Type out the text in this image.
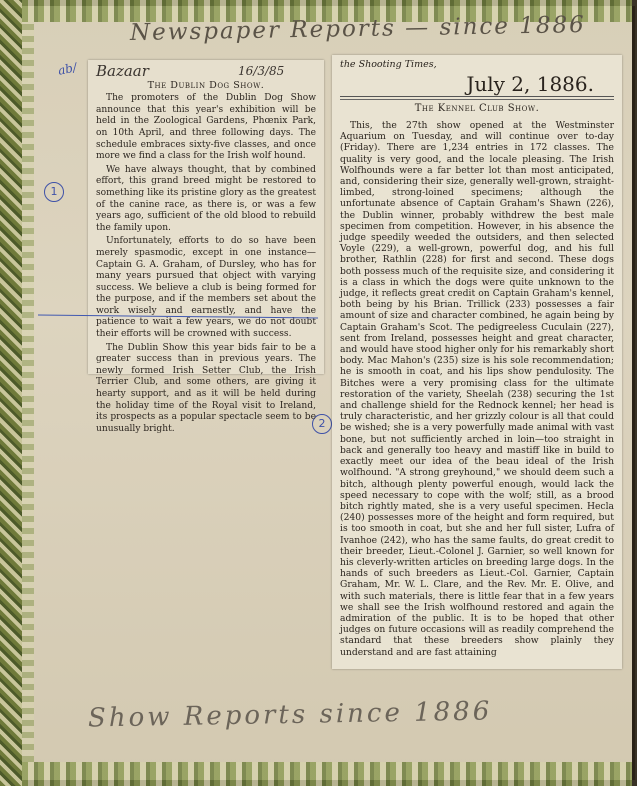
Newspaper Reports — since 1886
ab/
1
2
Bazaar	16/3/85
The Dublin Dog Show.

The promoters of the Dublin Dog Show announce that this year's exhibition will be held in the Zoological Gardens, Phœnix Park, on 10th April, and three following days. The schedule embraces sixty-five classes, and once more we find a class for the Irish wolf hound.

We have always thought, that by combined effort, this grand breed might be restored to something like its pristine glory as the greatest of the canine race, as there is, or was a few years ago, sufficient of the old blood to rebuild the family upon.

Unfortunately, efforts to do so have been merely spasmodic, except in one instance—Captain G. A. Graham, of Dursley, who has for many years pursued that object with varying success. We believe a club is being formed for the purpose, and if the members set about the work wisely and earnestly, and have the patience to wait a few years, we do not doubt their efforts will be crowned with success.

The Dublin Show this year bids fair to be a greater success than in previous years. The newly formed Irish Setter Club, the Irish Terrier Club, and some others, are giving it hearty support, and as it will be held during the holiday time of the Royal visit to Ireland, its prospects as a popular spectacle seem to be unusually bright.

the Shooting Times,
July 2, 1886.
The Kennel Club Show.

This, the 27th show opened at the Westminster Aquarium on Tuesday, and will continue over to-day (Friday). There are 1,234 entries in 172 classes. The quality is very good, and the locale pleasing. The Irish Wolfhounds were a far better lot than most anticipated, and, considering their size, generally well-grown, straight-limbed, strong-loined specimens; although the unfortunate absence of Captain Graham's Shawn (226), the Dublin winner, probably withdrew the best male specimen from competition. However, in his absence the judge speedily weeded the outsiders, and then selected Voyle (229), a well-grown, powerful dog, and his full brother, Rathlin (228) for first and second. These dogs both possess much of the requisite size, and considering it is a class in which the dogs were quite unknown to the judge, it reflects great credit on Captain Graham's kennel, both being by his Brian. Trillick (233) possesses a fair amount of size and character combined, he again being by Captain Graham's Scot. The pedigreeless Cuculain (227), sent from Ireland, possesses height and great character, and would have stood higher only for his remarkably short body. Mac Mahon's (235) size is his sole recommendation; he is smooth in coat, and his lips show pendulosity. The Bitches were a very promising class for the ultimate restoration of the variety, Sheelah (238) securing the 1st and challenge shield for the Rednock kennel; her head is truly characteristic, and her grizzly colour is all that could be wished; she is a very powerfully made animal with vast bone, but not sufficiently arched in loin—too straight in back and generally too heavy and mastiff like in build to exactly meet our idea of the beau ideal of the Irish wolfhound. "A strong greyhound," we should deem such a bitch, although plenty powerful enough, would lack the speed necessary to cope with the wolf; still, as a brood bitch rightly mated, she is a very useful specimen. Hecla (240) possesses more of the height and form required, but is too smooth in coat, but she and her full sister, Lufra of Ivanhoe (242), who has the same faults, do great credit to their breeder, Lieut.-Colonel J. Garnier, so well known for his cleverly-written articles on breeding large dogs. In the hands of such breeders as Lieut.-Col. Garnier, Captain Graham, Mr. W. L. Clare, and the Rev. Mr. E. Olive, and with such materials, there is little fear that in a few years we shall see the Irish wolfhound restored and again the admiration of the public. It is to be hoped that other judges on future occasions will as readily comprehend the standard that these breeders show plainly they understand and are fast attaining

Show Reports since 1886
